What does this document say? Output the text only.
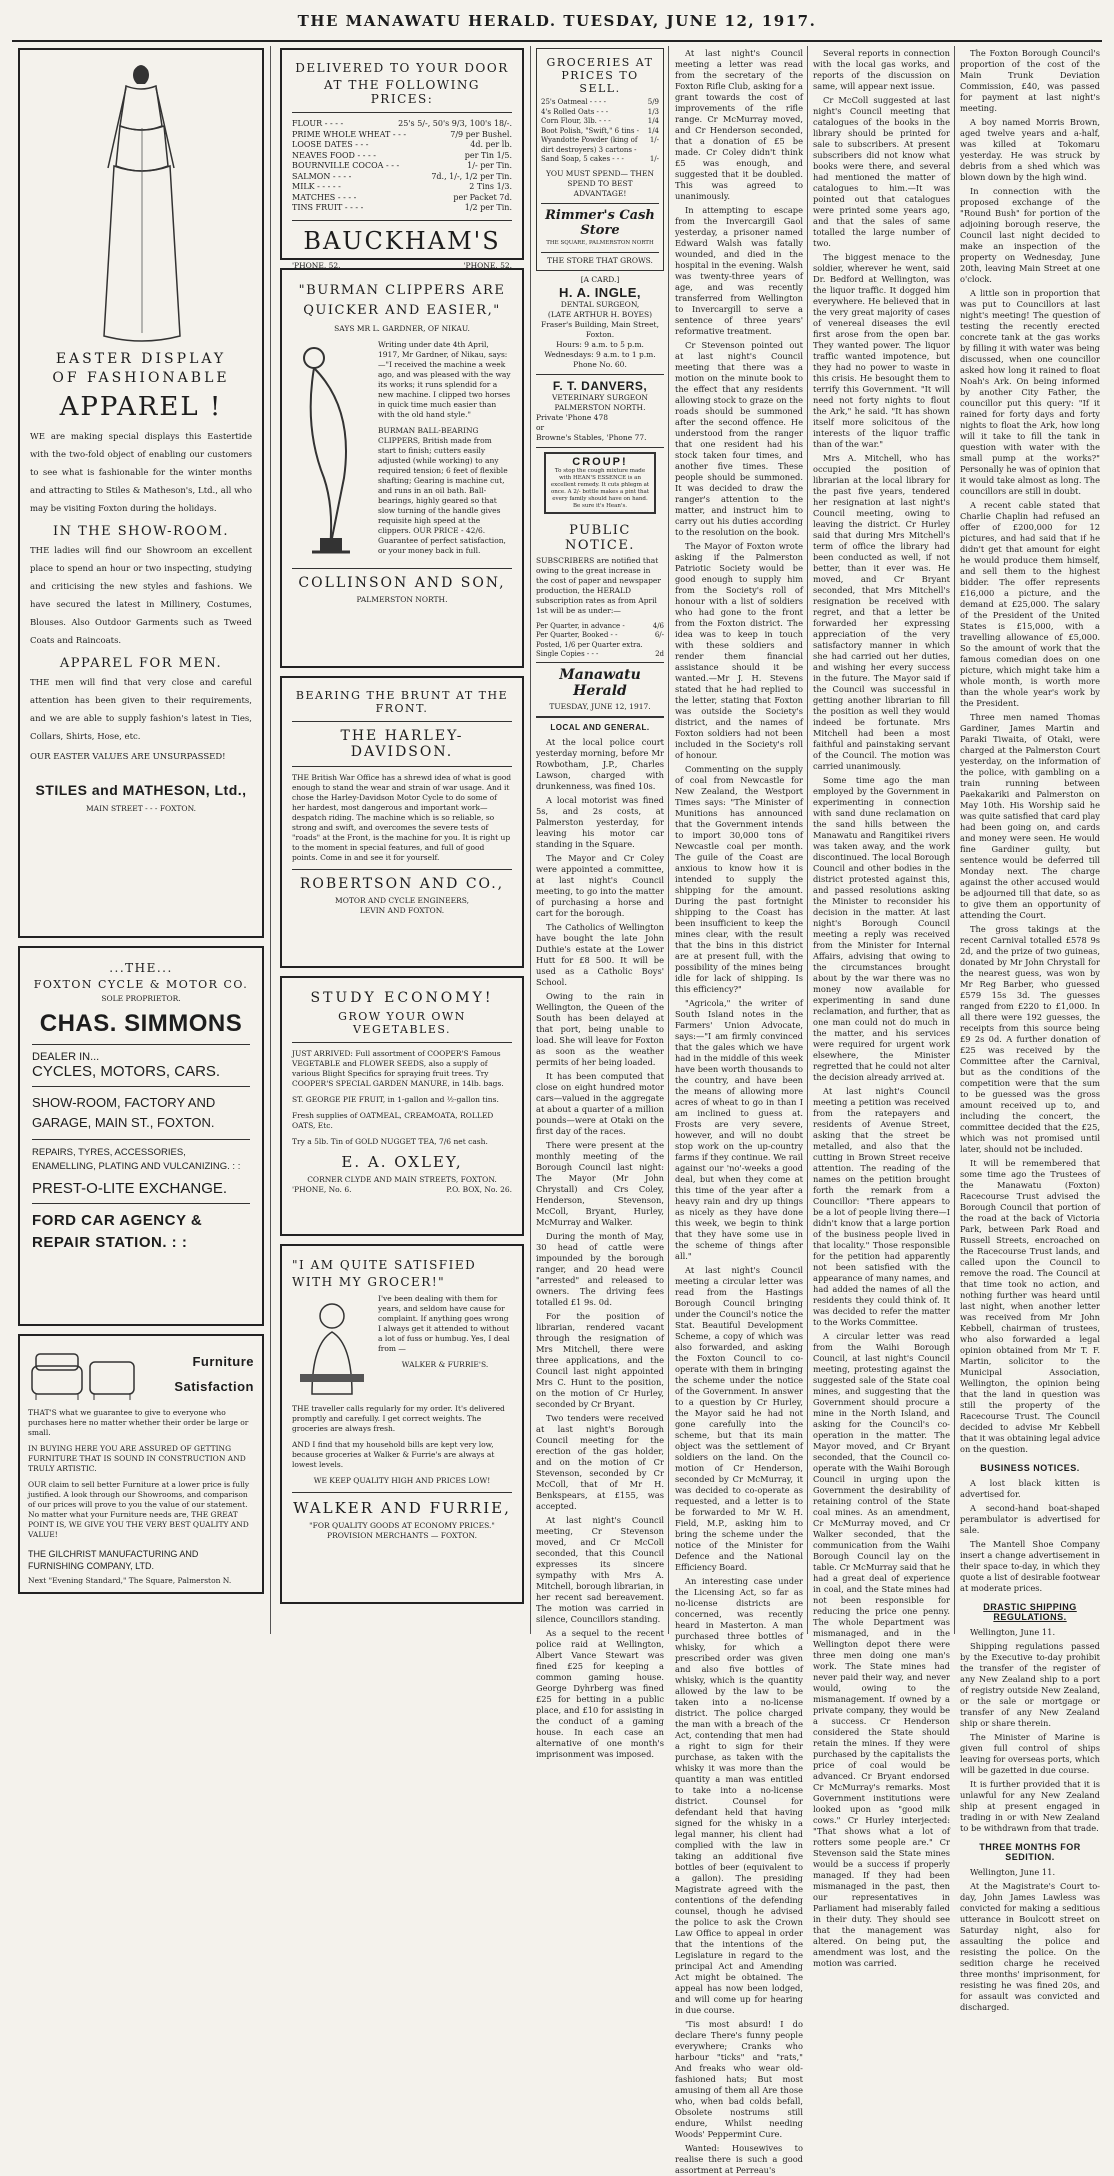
THE MANAWATU HERALD. TUESDAY, JUNE 12, 1917.
EASTER DISPLAY
OF FASHIONABLE
APPAREL !
WE are making special displays this Eastertide with the two-fold object of enabling our customers to see what is fashionable for the winter months and attracting to Stiles & Matheson's, Ltd., all who may be visiting Foxton during the holidays.
IN THE SHOW-ROOM.
THE ladies will find our Showroom an excellent place to spend an hour or two inspecting, studying and criticising the new styles and fashions. We have secured the latest in Millinery, Costumes, Blouses. Also Outdoor Garments such as Tweed Coats and Raincoats.
APPAREL FOR MEN.
THE men will find that very close and careful attention has been given to their requirements, and we are able to supply fashion's latest in Ties, Collars, Shirts, Hose, etc.
OUR EASTER VALUES ARE UNSURPASSED!
STILES and MATHESON, Ltd.,
MAIN STREET - - - FOXTON.
...THE...
FOXTON CYCLE & MOTOR CO.
SOLE PROPRIETOR.
CHAS. SIMMONS
DEALER IN...
CYCLES, MOTORS, CARS.
SHOW-ROOM, FACTORY AND GARAGE, MAIN ST., FOXTON.
REPAIRS, TYRES, ACCESSORIES, ENAMELLING, PLATING AND VULCANIZING. : :
PREST-O-LITE EXCHANGE.
FORD CAR AGENCY & REPAIR STATION. : :
Furniture
Satisfaction
THAT'S what we guarantee to give to everyone who purchases here no matter whether their order be large or small.
IN BUYING HERE YOU ARE ASSURED OF GETTING FURNITURE THAT IS SOUND IN CONSTRUCTION AND TRULY ARTISTIC.
OUR claim to sell better Furniture at a lower price is fully justified. A look through our Showrooms, and comparison of our prices will prove to you the value of our statement. No matter what your Furniture needs are, THE GREAT POINT IS, WE GIVE YOU THE VERY BEST QUALITY AND VALUE!
THE GILCHRIST MANUFACTURING AND FURNISHING COMPANY, LTD.
Next "Evening Standard," The Square, Palmerston N.
DELIVERED TO YOUR DOOR
AT THE FOLLOWING PRICES:
FLOUR - - - -	25's 5/-, 50's 9/3, 100's 18/-.
PRIME WHOLE WHEAT - - -	7/9 per Bushel.
LOOSE DATES - - -	4d. per lb.
NEAVES FOOD - - - -	per Tin 1/5.
BOURNVILLE COCOA - - -	1/- per Tin.
SALMON - - - -	7d., 1/-, 1/2 per Tin.
MILK - - - - -	2 Tins 1/3.
MATCHES - - - -	per Packet 7d.
TINS FRUIT - - - -	1/2 per Tin.
BAUCKHAM'S
'PHONE, 52.	'PHONE, 52.
"BURMAN CLIPPERS ARE QUICKER AND EASIER,"
SAYS MR L. GARDNER, OF NIKAU.
Writing under date 4th April, 1917, Mr Gardner, of Nikau, says:—"I received the machine a week ago, and was pleased with the way its works; it runs splendid for a new machine. I clipped two horses in quick time much easier than with the old hand style."
BURMAN BALL-BEARING CLIPPERS, British made from start to finish; cutters easily adjusted (while working) to any required tension; 6 feet of flexible shafting; Gearing is machine cut, and runs in an oil bath. Ball-bearings, highly geared so that slow turning of the handle gives requisite high speed at the clippers. OUR PRICE - 42/6. Guarantee of perfect satisfaction, or your money back in full.
COLLINSON AND SON,
PALMERSTON NORTH.
BEARING THE BRUNT AT THE FRONT.
THE HARLEY-DAVIDSON.
THE British War Office has a shrewd idea of what is good enough to stand the wear and strain of war usage. And it chose the Harley-Davidson Motor Cycle to do some of her hardest, most dangerous and important work—despatch riding. The machine which is so reliable, so strong and swift, and overcomes the severe tests of "roads" at the Front, is the machine for you. It is right up to the moment in special features, and full of good points. Come in and see it for yourself.
ROBERTSON AND CO.,
MOTOR AND CYCLE ENGINEERS,
LEVIN AND FOXTON.
STUDY ECONOMY!
GROW YOUR OWN VEGETABLES.
JUST ARRIVED: Full assortment of COOPER'S Famous VEGETABLE and FLOWER SEEDS, also a supply of various Blight Specifics for spraying fruit trees. Try COOPER'S SPECIAL GARDEN MANURE, in 14lb. bags.
ST. GEORGE PIE FRUIT, in 1-gallon and ½-gallon tins.
Fresh supplies of OATMEAL, CREAMOATA, ROLLED OATS, Etc.
Try a 5lb. Tin of GOLD NUGGET TEA, 7/6 net cash.
E. A. OXLEY,
CORNER CLYDE AND MAIN STREETS, FOXTON.
'PHONE, No. 6.	P.O. BOX, No. 26.
"I AM QUITE SATISFIED WITH MY GROCER!"
I've been dealing with them for years, and seldom have cause for complaint. If anything goes wrong I always get it attended to without a lot of fuss or humbug. Yes, I deal from —
WALKER & FURRIE'S.
THE traveller calls regularly for my order. It's delivered promptly and carefully. I get correct weights. The groceries are always fresh.
AND I find that my household bills are kept very low, because groceries at Walker & Furrie's are always at lowest levels.
WE KEEP QUALITY HIGH AND PRICES LOW!
WALKER AND FURRIE,
"FOR QUALITY GOODS AT ECONOMY PRICES."
PROVISION MERCHANTS — FOXTON.
GROCERIES AT PRICES TO SELL.
25's Oatmeal - - - -	5/9
4's Rolled Oats - - -	1/3
Corn Flour, 3lb. - - -	1/4
Boot Polish, "Swift," 6 tins - 1/4
Wyandotte Powder (king of dirt destroyers) 3 cartons -
1/-
Sand Soap, 5 cakes - - -	1/-
YOU MUST SPEND— THEN SPEND TO BEST ADVANTAGE!
Rimmer's Cash Store
THE SQUARE, PALMERSTON NORTH
THE STORE THAT GROWS.
[A CARD.]
H. A. INGLE,
DENTAL SURGEON,
(LATE ARTHUR H. BOYES)
Fraser's Building, Main Street, Foxton.
Hours: 9 a.m. to 5 p.m. Wednesdays: 9 a.m. to 1 p.m.
Phone No. 60.
F. T. DANVERS,
VETERINARY SURGEON
PALMERSTON NORTH.
Private 'Phone 478
or
Browne's Stables, 'Phone 77.
CROUP!
To stop the cough mixture made with HEAN'S ESSENCE is an excellent remedy. It cuts phlegm at once. A 2/- bottle makes a pint that every family should have on hand. Be sure it's Hean's.
PUBLIC NOTICE.
SUBSCRIBERS are notified that owing to the great increase in the cost of paper and newspaper production, the HERALD subscription rates as from April 1st will be as under:—
Per Quarter, in advance -	4/6
Per Quarter, Booked - -	6/-
Posted, 1/6 per Quarter extra.
Single Copies - - -	2d
Manawatu Herald
TUESDAY, JUNE 12, 1917.
LOCAL AND GENERAL.

At the local police court yesterday morning, before Mr Rowbotham, J.P., Charles Lawson, charged with drunkenness, was fined 10s.

A local motorist was fined 5s, and 2s costs, at Palmerston yesterday, for leaving his motor car standing in the Square.

The Mayor and Cr Coley were appointed a committee, at last night's Council meeting, to go into the matter of purchasing a horse and cart for the borough.

The Catholics of Wellington have bought the late John Duthie's estate at the Lower Hutt for £8 500. It will be used as a Catholic Boys' School.

Owing to the rain in Wellington, the Queen of the South has been delayed at that port, being unable to load. She will leave for Foxton as soon as the weather permits of her being loaded.

It has been computed that close on eight hundred motor cars—valued in the aggregate at about a quarter of a million pounds—were at Otaki on the first day of the races.

There were present at the monthly meeting of the Borough Council last night: The Mayor (Mr John Chrystall) and Crs Coley, Henderson, Stevenson, McColl, Bryant, Hurley, McMurray and Walker.

During the month of May, 30 head of cattle were impounded by the borough ranger, and 20 head were "arrested" and released to owners. The driving fees totalled £1 9s. 0d.

For the position of librarian, rendered vacant through the resignation of Mrs Mitchell, there were three applications, and the Council last night appointed Mrs C. Hunt to the position, on the motion of Cr Hurley, seconded by Cr Bryant.

Two tenders were received at last night's Borough Council meeting for the erection of the gas holder, and on the motion of Cr Stevenson, seconded by Cr McColl, that of Mr H. Benkspears, at £155, was accepted.

At last night's Council meeting, Cr Stevenson moved, and Cr McColl seconded, that this Council expresses its sincere sympathy with Mrs A. Mitchell, borough librarian, in her recent sad bereavement. The motion was carried in silence, Councillors standing.

As a sequel to the recent police raid at Wellington, Albert Vance Stewart was fined £25 for keeping a common gaming house. George Dyhrberg was fined £25 for betting in a public place, and £10 for assisting in the conduct of a gaming house. In each case an alternative of one month's imprisonment was imposed.

At last night's Council meeting a letter was read from the secretary of the Foxton Rifle Club, asking for a grant towards the cost of improvements of the rifle range. Cr McMurray moved, and Cr Henderson seconded, that a donation of £5 be made. Cr Coley didn't think £5 was enough, and suggested that it be doubled. This was agreed to unanimously.

In attempting to escape from the Invercargill Gaol yesterday, a prisoner named Edward Walsh was fatally wounded, and died in the hospital in the evening. Walsh was twenty-three years of age, and was recently transferred from Wellington to Invercargill to serve a sentence of three years' reformative treatment.

Cr Stevenson pointed out at last night's Council meeting that there was a motion on the minute book to the effect that any residents allowing stock to graze on the roads should be summoned after the second offence. He understood from the ranger that one resident had his stock taken four times, and another five times. These people should be summoned. It was decided to draw the ranger's attention to the matter, and instruct him to carry out his duties according to the resolution on the book.

The Mayor of Foxton wrote asking if the Palmerston Patriotic Society would be good enough to supply him from the Society's roll of honour with a list of soldiers who had gone to the front from the Foxton district. The idea was to keep in touch with these soldiers and render them financial assistance should it be wanted.—Mr J. H. Stevens stated that he had replied to the letter, stating that Foxton was outside the Society's district, and the names of Foxton soldiers had not been included in the Society's roll of honour.

Commenting on the supply of coal from Newcastle for New Zealand, the Westport Times says: "The Minister of Munitions has announced that the Government intends to import 30,000 tons of Newcastle coal per month. The guile of the Coast are anxious to know how it is intended to supply the shipping for the amount. During the past fortnight shipping to the Coast has been insufficient to keep the mines clear, with the result that the bins in this district are at present full, with the possibility of the mines being idle for lack of shipping. Is this efficiency?"

"Agricola," the writer of South Island notes in the Farmers' Union Advocate, says:—"I am firmly convinced that the gales which we have had in the middle of this week have been worth thousands to the country, and have been the means of allowing more acres of wheat to go in than I am inclined to guess at. Frosts are very severe, however, and will no doubt stop work on the up-country farms if they continue. We rail against our 'no'-weeks a good deal, but when they come at this time of the year after a heavy rain and dry up things as nicely as they have done this week, we begin to think that they have some use in the scheme of things after all."

At last night's Council meeting a circular letter was read from the Hastings Borough Council bringing under the Council's notice the Stat. Beautiful Development Scheme, a copy of which was also forwarded, and asking the Foxton Council to co-operate with them in bringing the scheme under the notice of the Government. In answer to a question by Cr Hurley, the Mayor said he had not gone carefully into the scheme, but that its main object was the settlement of soldiers on the land. On the motion of Cr Henderson, seconded by Cr McMurray, it was decided to co-operate as requested, and a letter is to be forwarded to Mr W. H. Field, M.P., asking him to bring the scheme under the notice of the Minister for Defence and the National Efficiency Board.

An interesting case under the Licensing Act, so far as no-license districts are concerned, was recently heard in Masterton. A man purchased three bottles of whisky, for which a prescribed order was given and also five bottles of whisky, which is the quantity allowed by the law to be taken into a no-license district. The police charged the man with a breach of the Act, contending that men had a right to sign for their purchase, as taken with the whisky it was more than the quantity a man was entitled to take into a no-license district. Counsel for defendant held that having signed for the whisky in a legal manner, his client had complied with the law in taking an additional five bottles of beer (equivalent to a gallon). The presiding Magistrate agreed with the contentions of the defending counsel, though he advised the police to ask the Crown Law Office to appeal in order that the intentions of the Legislature in regard to the principal Act and Amending Act might be obtained. The appeal has now been lodged, and will come up for hearing in due course.

'Tis most absurd! I do declare There's funny people everywhere; Cranks who harbour "ticks" and "rats," And freaks who wear old-fashioned hats; But most amusing of them all Are those who, when bad colds befall, Obsolete nostrums still endure, Whilst needing Woods' Peppermint Cure.

Wanted: Housewives to realise there is such a good assortment at Perreau's

Several reports in connection with the local gas works, and reports of the discussion on same, will appear next issue.

Cr McColl suggested at last night's Council meeting that catalogues of the books in the library should be printed for sale to subscribers. At present subscribers did not know what books were there, and several had mentioned the matter of catalogues to him.—It was pointed out that catalogues were printed some years ago, and that the sales of same totalled the large number of two.

The biggest menace to the soldier, wherever he went, said Dr. Bedford at Wellington, was the liquor traffic. It dogged him everywhere. He believed that in the very great majority of cases of venereal diseases the evil first arose from the open bar. They wanted power. The liquor traffic wanted impotence, but they had no power to waste in this crisis. He besought them to terrify this Government. "It will need not forty nights to flout the Ark," he said. "It has shown itself more solicitous of the interests of the liquor traffic than of the war."

Mrs A. Mitchell, who has occupied the position of librarian at the local library for the past five years, tendered her resignation at last night's Council meeting, owing to leaving the district. Cr Hurley said that during Mrs Mitchell's term of office the library had been conducted as well, if not better, than it ever was. He moved, and Cr Bryant seconded, that Mrs Mitchell's resignation be received with regret, and that a letter be forwarded her expressing appreciation of the very satisfactory manner in which she had carried out her duties, and wishing her every success in the future. The Mayor said if the Council was successful in getting another librarian to fill the position as well they would indeed be fortunate. Mrs Mitchell had been a most faithful and painstaking servant of the Council. The motion was carried unanimously.

Some time ago the man employed by the Government in experimenting in connection with sand dune reclamation on the sand hills between the Manawatu and Rangitikei rivers was taken away, and the work discontinued. The local Borough Council and other bodies in the district protested against this, and passed resolutions asking the Minister to reconsider his decision in the matter. At last night's Borough Council meeting a reply was received from the Minister for Internal Affairs, advising that owing to the circumstances brought about by the war there was no money now available for experimenting in sand dune reclamation, and further, that as one man could not do much in the matter, and his services were required for urgent work elsewhere, the Minister regretted that he could not alter the decision already arrived at.

At last night's Council meeting a petition was received from the ratepayers and residents of Avenue Street, asking that the street be metalled, and also that the cutting in Brown Street receive attention. The reading of the names on the petition brought forth the remark from a Councillor: "There appears to be a lot of people living there—I didn't know that a large portion of the business people lived in that locality." Those responsible for the petition had apparently not been satisfied with the appearance of many names, and had added the names of all the residents they could think of. It was decided to refer the matter to the Works Committee.

A circular letter was read from the Waihi Borough Council, at last night's Council meeting, protesting against the suggested sale of the State coal mines, and suggesting that the Government should procure a mine in the North Island, and asking for the Council's co-operation in the matter. The Mayor moved, and Cr Bryant seconded, that the Council co-operate with the Waihi Borough Council in urging upon the Government the desirability of retaining control of the State coal mines. As an amendment, Cr McMurray moved, and Cr Walker seconded, that the communication from the Waihi Borough Council lay on the table. Cr McMurray said that he had a great deal of experience in coal, and the State mines had not been responsible for reducing the price one penny. The whole Department was mismanaged, and in the Wellington depot there were three men doing one man's work. The State mines had never paid their way, and never would, owing to the mismanagement. If owned by a private company, they would be a success. Cr Henderson considered the State should retain the mines. If they were purchased by the capitalists the price of coal would be advanced. Cr Bryant endorsed Cr McMurray's remarks. Most Government institutions were looked upon as "good milk cows." Cr Hurley interjected: "That shows what a lot of rotters some people are." Cr Stevenson said the State mines would be a success if properly managed. If they had been mismanaged in the past, then our representatives in Parliament had miserably failed in their duty. They should see that the management was altered. On being put, the amendment was lost, and the motion was carried.

The Foxton Borough Council's proportion of the cost of the Main Trunk Deviation Commission, £40, was passed for payment at last night's meeting.

A boy named Morris Brown, aged twelve years and a-half, was killed at Tokomaru yesterday. He was struck by debris from a shed which was blown down by the high wind.

In connection with the proposed exchange of the "Round Bush" for portion of the adjoining borough reserve, the Council last night decided to make an inspection of the property on Wednesday, June 20th, leaving Main Street at one o'clock.

A little son in proportion that was put to Councillors at last night's meeting! The question of testing the recently erected concrete tank at the gas works by filling it with water was being discussed, when one councillor asked how long it rained to float Noah's Ark. On being informed by another City Father, the councillor put this query: "If it rained for forty days and forty nights to float the Ark, how long will it take to fill the tank in question with water with the small pump at the works?" Personally he was of opinion that it would take almost as long. The councillors are still in doubt.

A recent cable stated that Charlie Chaplin had refused an offer of £200,000 for 12 pictures, and had said that if he didn't get that amount for eight he would produce them himself, and sell them to the highest bidder. The offer represents £16,000 a picture, and the demand at £25,000. The salary of the President of the United States is £15,000, with a travelling allowance of £5,000. So the amount of work that the famous comedian does on one picture, which might take him a whole month, is worth more than the whole year's work by the President.

Three men named Thomas Gardiner, James Martin and Paraki Tiwaita, of Otaki, were charged at the Palmerston Court yesterday, on the information of the police, with gambling on a train running between Paekakariki and Palmerston on May 10th. His Worship said he was quite satisfied that card play had been going on, and cards and money were seen. He would fine Gardiner guilty, but sentence would be deferred till Monday next. The charge against the other accused would be adjourned till that date, so as to give them an opportunity of attending the Court.

The gross takings at the recent Carnival totalled £578 9s 2d, and the prize of two guineas, donated by Mr John Chrystall for the nearest guess, was won by Mr Reg Barber, who guessed £579 15s 3d. The guesses ranged from £220 to £1,000. In all there were 192 guesses, the receipts from this source being £9 2s 0d. A further donation of £25 was received by the Committee after the Carnival, but as the conditions of the competition were that the sum to be guessed was the gross amount received up to, and including the concert, the committee decided that the £25, which was not promised until later, should not be included.

It will be remembered that some time ago the Trustees of the Manawatu (Foxton) Racecourse Trust advised the Borough Council that portion of the road at the back of Victoria Park, between Park Road and Russell Streets, encroached on the Racecourse Trust lands, and called upon the Council to remove the road. The Council at that time took no action, and nothing further was heard until last night, when another letter was received from Mr John Kebbell, chairman of trustees, who also forwarded a legal opinion obtained from Mr T. F. Martin, solicitor to the Municipal Association, Wellington, the opinion being that the land in question was still the property of the Racecourse Trust. The Council decided to advise Mr Kebbell that it was obtaining legal advice on the question.

BUSINESS NOTICES.

A lost black kitten is advertised for.

A second-hand boat-shaped perambulator is advertised for sale.

The Mantell Shoe Company insert a change advertisement in their space to-day, in which they quote a list of desirable footwear at moderate prices.

DRASTIC SHIPPING REGULATIONS.

Wellington, June 11.

Shipping regulations passed by the Executive to-day prohibit the transfer of the register of any New Zealand ship to a port of registry outside New Zealand, or the sale or mortgage or transfer of any New Zealand ship or share therein.

The Minister of Marine is given full control of ships leaving for overseas ports, which will be gazetted in due course.

It is further provided that it is unlawful for any New Zealand ship at present engaged in trading in or with New Zealand to be withdrawn from that trade.

THREE MONTHS FOR SEDITION.

Wellington, June 11.

At the Magistrate's Court to-day, John James Lawless was convicted for making a seditious utterance in Boulcott street on Saturday night, also for assaulting the police and resisting the police. On the sedition charge he received three months' imprisonment, for resisting he was fined 20s, and for assault was convicted and discharged.
